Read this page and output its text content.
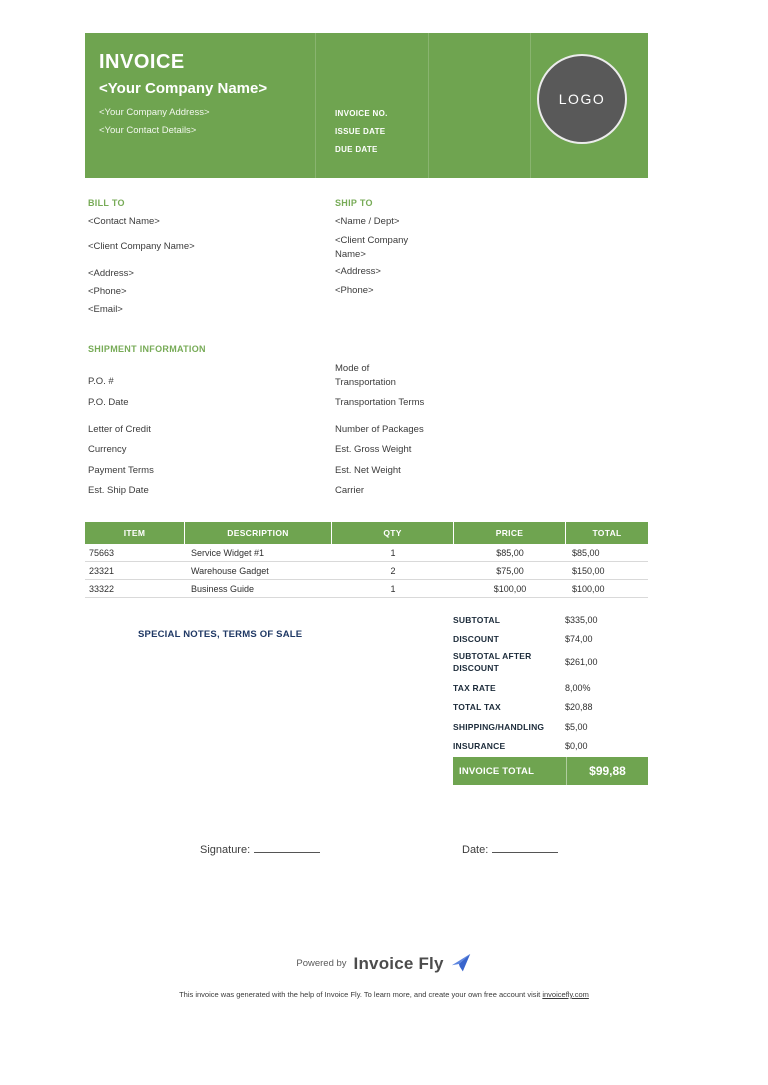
INVOICE
<Your Company Name>
<Your Company Address>
<Your Contact Details>
INVOICE NO.
ISSUE DATE
DUE DATE
LOGO
BILL TO
<Contact Name>
<Client Company Name>
<Address>
<Phone>
<Email>
SHIP TO
<Name / Dept>
<Client Company Name>
<Address>
<Phone>
SHIPMENT INFORMATION
P.O. #
P.O. Date
Letter of Credit
Currency
Payment Terms
Est. Ship Date
Mode of Transportation
Transportation Terms
Number of Packages
Est. Gross Weight
Est. Net Weight
Carrier
ITEM	DESCRIPTION	QTY	PRICE	TOTAL
75663	Service Widget #1	1	$85,00	$85,00
23321	Warehouse Gadget	2	$75,00	$150,00
33322	Business Guide	1	$100,00	$100,00
SPECIAL NOTES, TERMS OF SALE
SUBTOTAL	$335,00
DISCOUNT	$74,00
SUBTOTAL AFTER DISCOUNT
$261,00
TAX RATE	8,00%
TOTAL TAX	$20,88
SHIPPING/HANDLING	$5,00
INSURANCE	$0,00
INVOICE TOTAL	$99,88
Signature:	Date:
Powered by Invoice Fly
This invoice was generated with the help of Invoice Fly. To learn more, and create your own free account visit invoicefly.com
